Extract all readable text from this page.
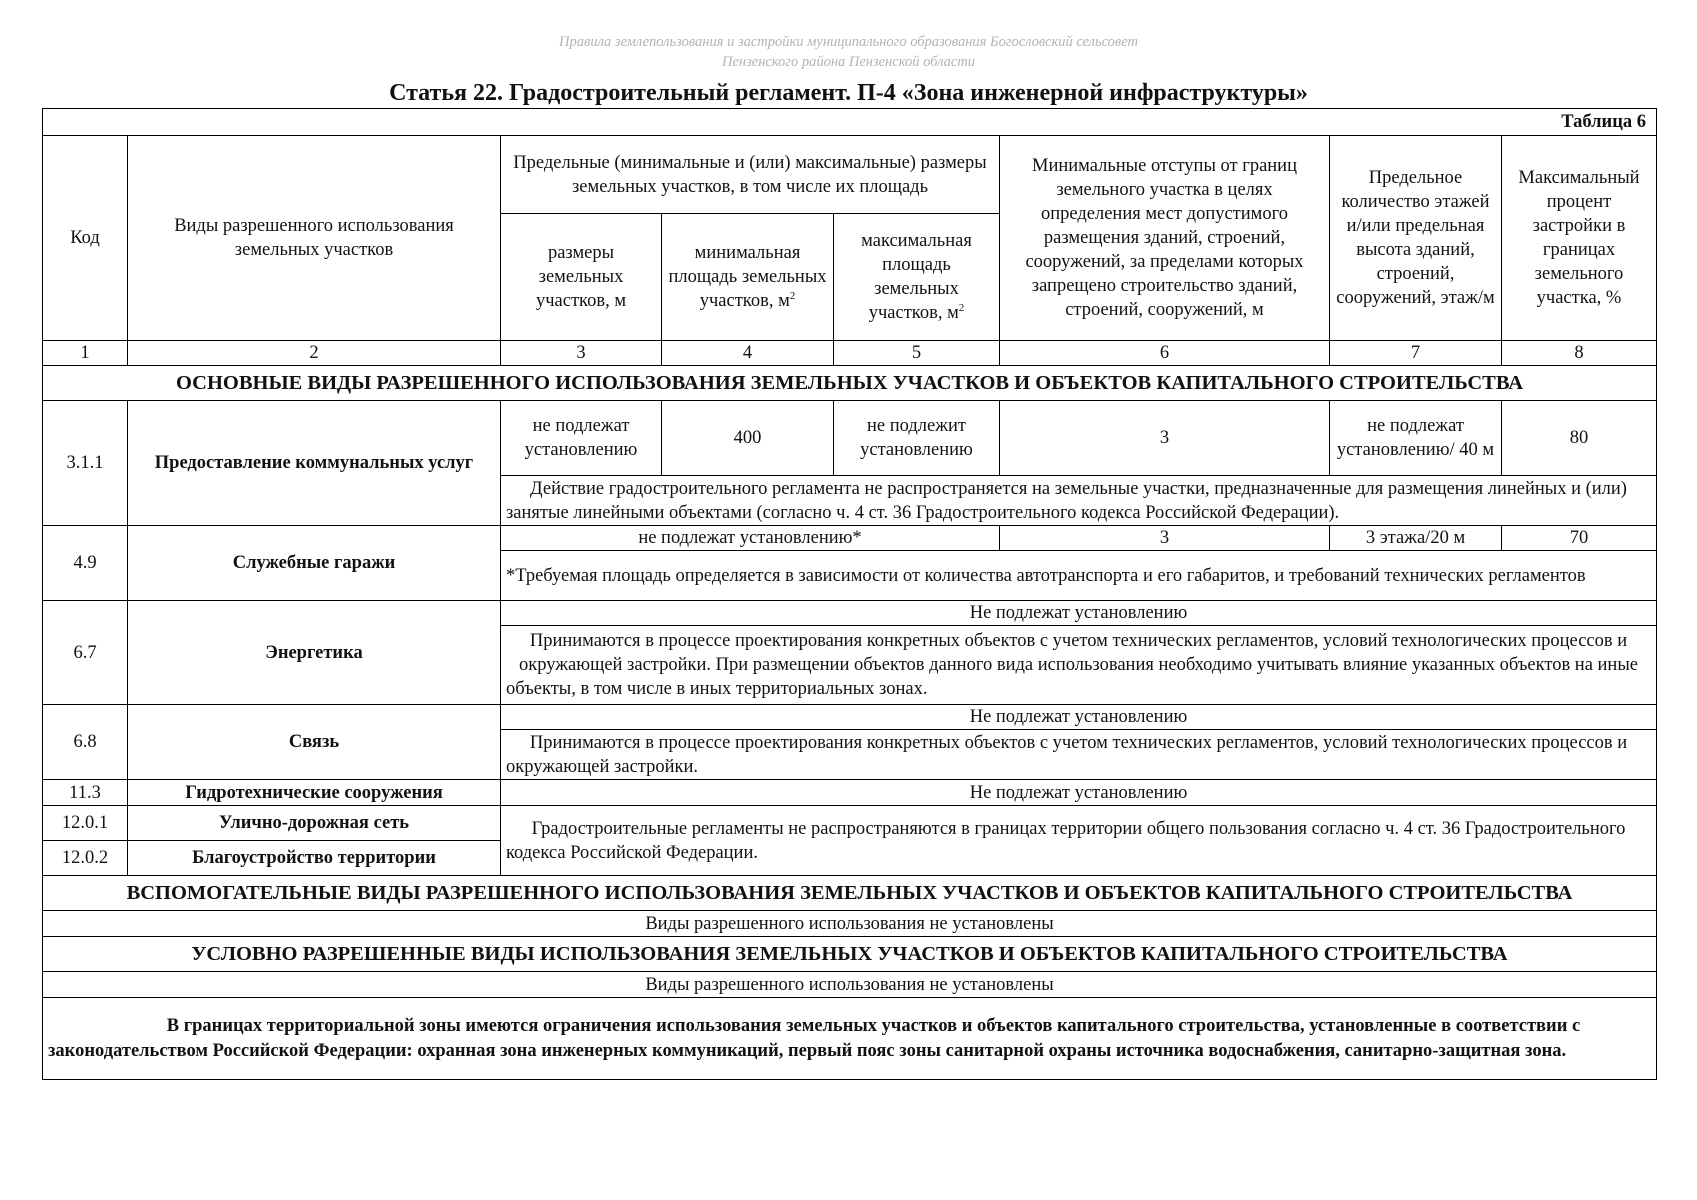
Правила землепользования и застройки муниципального образования Богословский сельсовет
Пензенского района Пензенской области
Статья 22. Градостроительный регламент. П-4 «Зона инженерной инфраструктуры»
Таблица 6							
Код	Виды разрешенного использования земельных участков	Предельные (минимальные и (или) максимальные) размеры земельных участков, в том числе их площадь			Минимальные отступы от границ земельного участка в целях определения мест допустимого размещения зданий, строений, сооружений, за пределами которых запрещено строительство зданий, строений, сооружений, м	Предельное количество этажей и/или предельная высота зданий, строений, сооружений, этаж/м	Максимальный процент застройки в границах земельного участка, %
		размеры земельных участков, м	минимальная площадь земельных участков, $м^2$	максимальная площадь земельных участков, $м^2$
1	2	3	4	5	6	7	8
ОСНОВНЫЕ ВИДЫ РАЗРЕШЕННОГО ИСПОЛЬЗОВАНИЯ ЗЕМЕЛЬНЫХ УЧАСТКОВ И ОБЪЕКТОВ КАПИТАЛЬНОГО СТРОИТЕЛЬСТВА							
3.1.1	Предоставление коммунальных услуг	не подлежат установлению	400	не подлежит установлению	3	не подлежат установлению/ 40 м	80
		Действие градостроительного регламента не распространяется на земельные участки, предназначенные для размещения линейных и (или) занятые линейными объектами (согласно ч. 4 ст. 36 Градостроительного кодекса Российской Федерации).					
4.9	Служебные гаражи	не подлежат установлению*			3	3 этажа/20 м	70
		*Требуемая площадь определяется в зависимости от количества автотранспорта и его габаритов, и требований технических регламентов					
6.7	Энергетика	Не подлежат установлению					
		Принимаются в процессе проектирования конкретных объектов с учетом технических регламентов, условий технологических процессов и окружающей застройки. При размещении объектов данного вида использования необходимо учитывать влияние указанных объектов на иные объекты, в том числе в иных территориальных зонах.					
6.8	Связь	Не подлежат установлению					
		Принимаются в процессе проектирования конкретных объектов с учетом технических регламентов, условий технологических процессов и окружающей застройки.					
11.3	Гидротехнические сооружения	Не подлежат установлению					
12.0.1	Улично-дорожная сеть	Градостроительные регламенты не распространяются в границах территории общего пользования согласно ч. 4 ст. 36 Градостроительного кодекса Российской Федерации.					
12.0.2	Благоустройство территории						
ВСПОМОГАТЕЛЬНЫЕ ВИДЫ РАЗРЕШЕННОГО ИСПОЛЬЗОВАНИЯ ЗЕМЕЛЬНЫХ УЧАСТКОВ И ОБЪЕКТОВ КАПИТАЛЬНОГО СТРОИТЕЛЬСТВА							
Виды разрешенного использования не установлены							
УСЛОВНО РАЗРЕШЕННЫЕ ВИДЫ ИСПОЛЬЗОВАНИЯ ЗЕМЕЛЬНЫХ УЧАСТКОВ И ОБЪЕКТОВ КАПИТАЛЬНОГО СТРОИТЕЛЬСТВА							
Виды разрешенного использования не установлены							
В границах территориальной зоны имеются ограничения использования земельных участков и объектов капитального строительства, установленные в соответствии с законодательством Российской Федерации: охранная зона инженерных коммуникаций, первый пояс зоны санитарной охраны источника водоснабжения, санитарно-защитная зона.							
